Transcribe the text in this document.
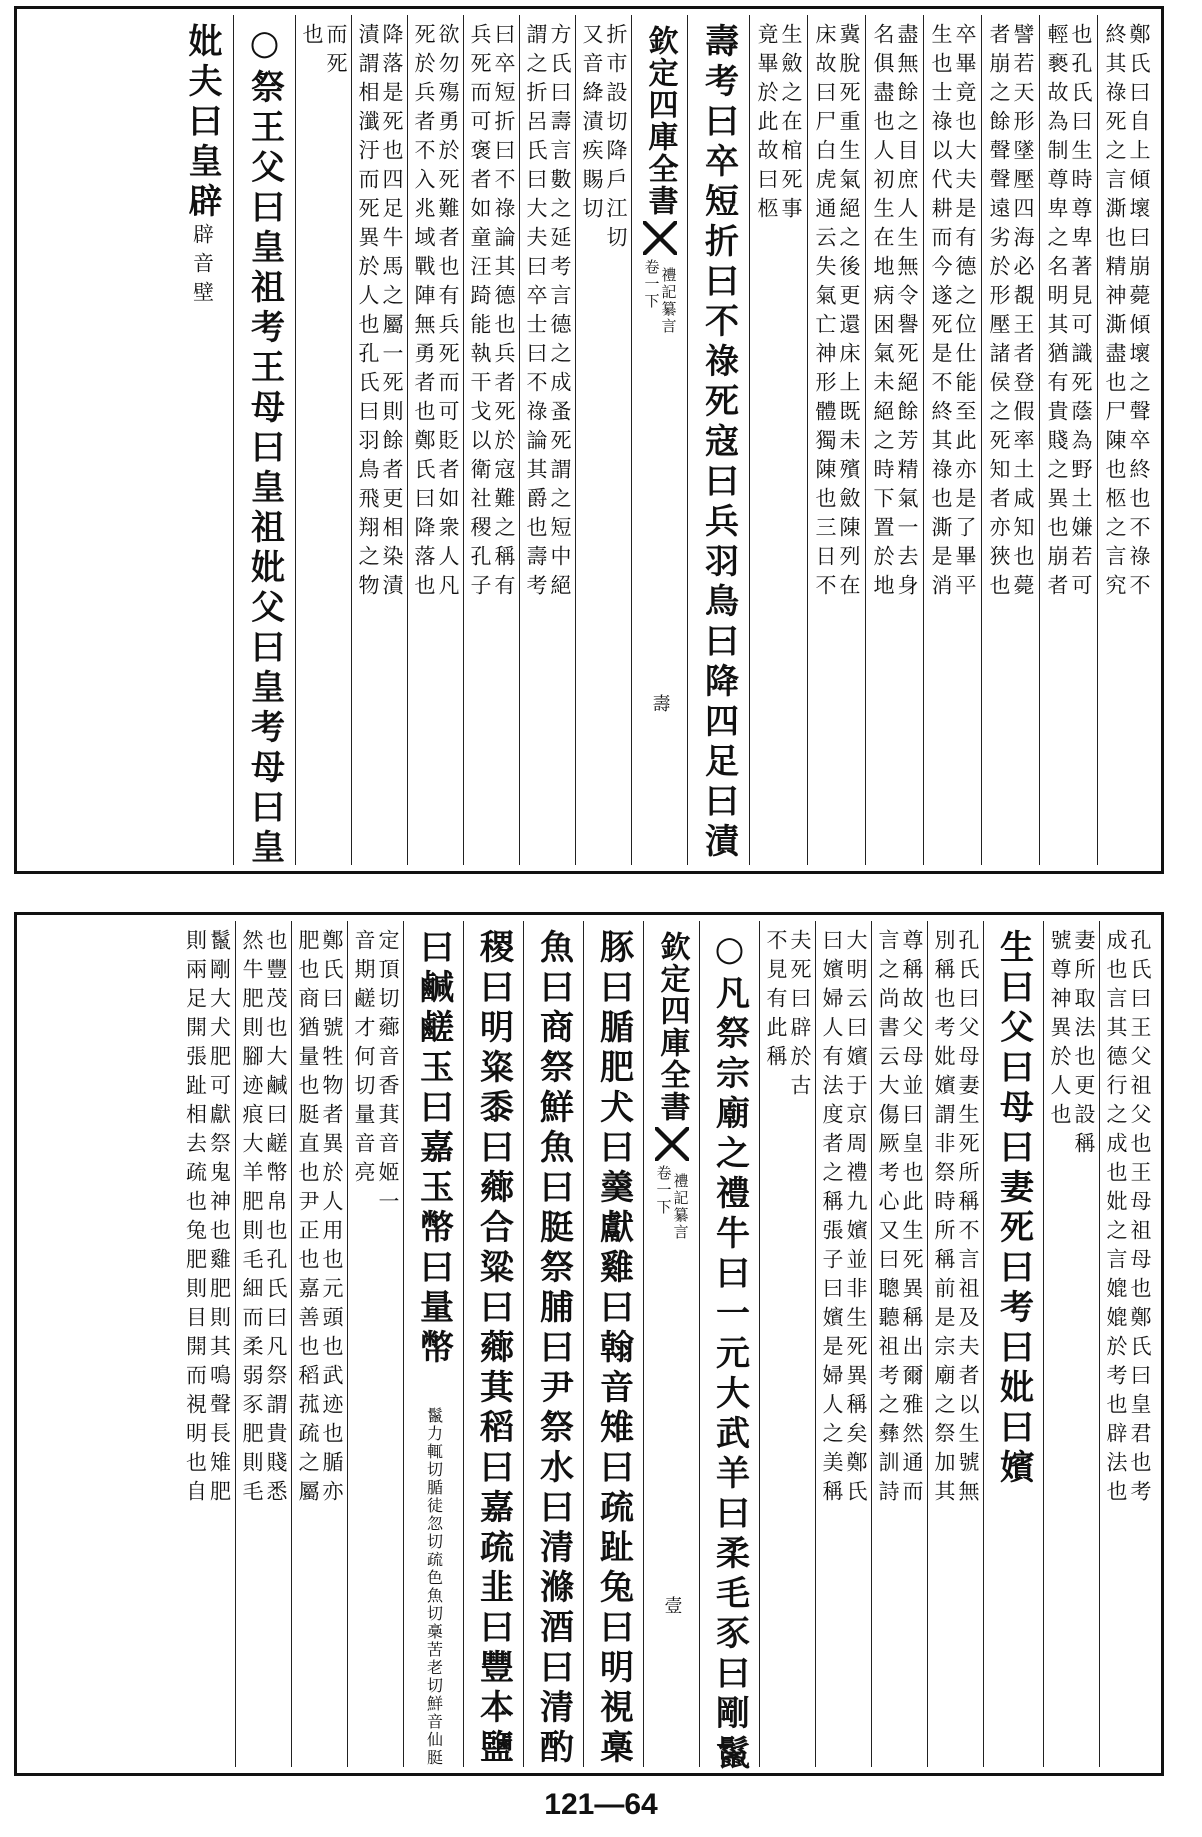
鄭氏曰自上傾壞曰崩薨傾壞之聲卒終也不祿不
終其祿死之言澌也精神澌盡也尸陳也柩之言究
也孔氏曰生時尊卑著見可識死蔭為野土嫌若可
輕褻故為制尊卑之名明其猶有貴賤之異也崩者
譬若天形墜壓四海必覩王者登假率土咸知也薨
者崩之餘聲聲遠劣於形壓諸侯之死知者亦狹也
卒畢竟也大夫是有德之位仕能至此亦是了畢平
生也士祿以代耕而今遂死是不終其祿也澌是消
盡無餘之目庶人生無令譽死絕餘芳精氣一去身
名俱盡也人初生在地病困氣未絕之時下置於地
冀脫死重生氣絕之後更還床上既未殯斂陳列在
床故曰尸白虎通云失氣亡神形體獨陳也三日不
生斂之在棺死事
竟畢於此故曰柩
壽考曰卒短折曰不祿死寇曰兵羽鳥曰降四足曰漬
欽定四庫全書
禮記纂言
卷一下
壽
折市設切降戶江切
又音絳漬疾賜切
方氏曰壽言數之延考言德之成蚤死謂之短中絕
謂之折呂氏曰大夫曰卒士曰不祿論其爵也壽考
曰卒短折曰不祿論其德也兵者死於寇難之稱有
兵死而可褒者如童汪踦能執干戈以衛社稷孔子
欲勿殤勇於死難者也有兵死而可貶者如衆人凡
死於兵者不入兆域戰陣無勇者也鄭氏曰降落也
降落是死也四足牛馬之屬一死則餘者更相染漬
漬謂相瀸汙而死異於人也孔氏曰羽鳥飛翔之物
而死
也
○祭王父曰皇祖考王母曰皇祖妣父曰皇考母曰皇
妣夫曰皇辟
辟音壁
孔氏曰王父祖父也王母祖母也鄭氏曰皇君也考
成也言其德行之成也妣之言媲媲於考也辟法也
妻所取法也更設稱
號尊神異於人也
生曰父曰母曰妻死曰考曰妣曰嬪
孔氏曰父母妻生死所稱不言祖及夫者以生號無
別稱也考妣嬪謂非祭時所稱前是宗廟之祭加其
尊稱故父母並曰皇也此生死異稱出爾雅然通而
言之尚書云大傷厥考心又曰聰聽祖考之彝訓詩
大明云曰嬪于京周禮九嬪並非生死異稱矣鄭氏
曰嬪婦人有法度者之稱張子曰嬪是婦人之美稱
夫死曰辟於古
不見有此稱
○凡祭宗廟之禮牛曰一元大武羊曰柔毛豕曰剛鬣
欽定四庫全書
禮記纂言
卷一下
壹
豚曰腯肥犬曰羹獻雞曰翰音雉曰疏趾兔曰明視槀
魚曰商祭鮮魚曰脡祭脯曰尹祭水曰清滌酒曰清酌
稷曰明粢黍曰薌合粱曰薌萁稻曰嘉疏韭曰豐本鹽
曰鹹鹺玉曰嘉玉幣曰量幣
鬣力輒切腯徒忽切疏色魚切槀苦老切鮮音仙脡
定頂切薌音香萁音姬一
音期鹺才何切量音亮
鄭氏曰號牲物者異於人用也元頭也武迹也腯亦
肥也商猶量也脡直也尹正也嘉善也稻菰疏之屬
也豐茂也大鹹曰鹺幣帛也孔氏曰凡祭謂貴賤悉
然牛肥則腳迹痕大羊肥則毛細而柔弱豕肥則毛
鬣剛大犬肥可獻祭鬼神也雞肥則其鳴聲長雉肥
則兩足開張趾相去疏也兔肥則目開而視明也自
121—64
